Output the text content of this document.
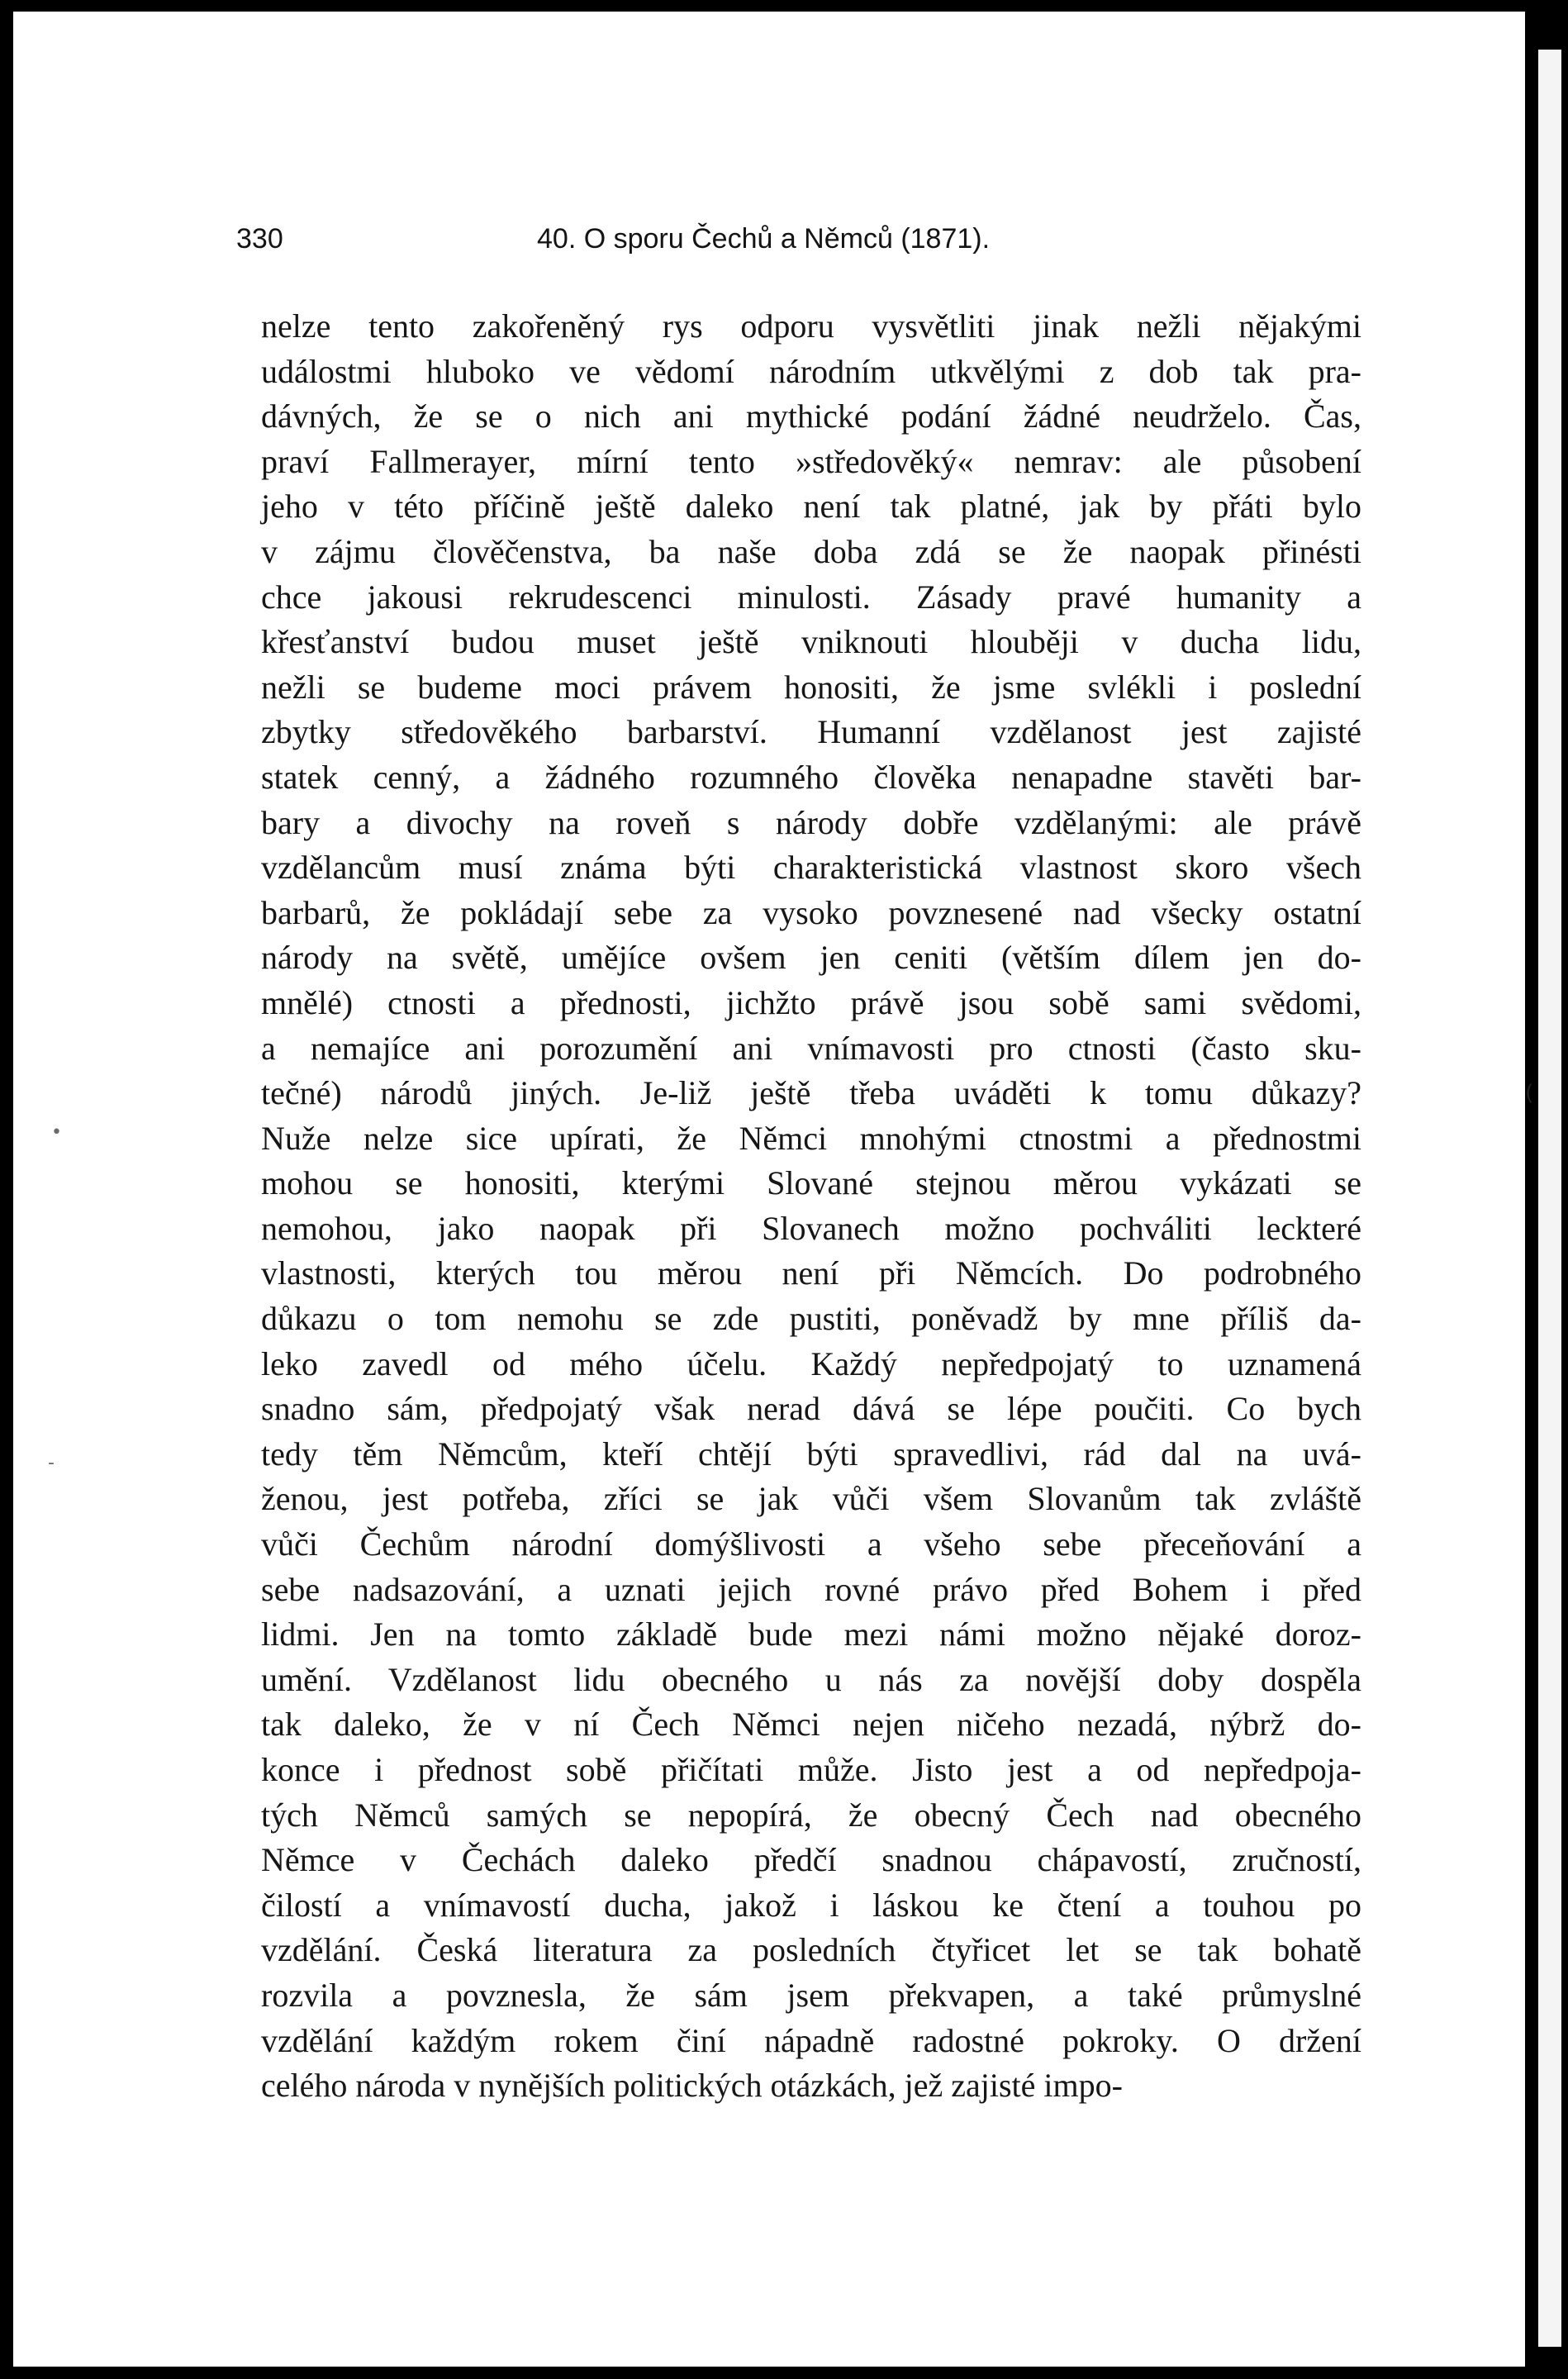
330	40. O sporu Čechů a Němců (1871).
nelze tento zakořeněný rys odporu vysvětliti jinak nežli nějakými
událostmi hluboko ve vědomí národním utkvělými z dob tak pra-
dávných, že se o nich ani mythické podání žádné neudrželo. Čas,
praví Fallmerayer, mírní tento »středověký« nemrav: ale působení
jeho v této příčině ještě daleko není tak platné, jak by přáti bylo
v zájmu člověčenstva, ba naše doba zdá se že naopak přinésti
chce jakousi rekrudescenci minulosti. Zásady pravé humanity a
křesťanství budou muset ještě vniknouti hlouběji v ducha lidu,
nežli se budeme moci právem honositi, že jsme svlékli i poslední
zbytky středověkého barbarství. Humanní vzdělanost jest zajisté
statek cenný, a žádného rozumného člověka nenapadne stavěti bar-
bary a divochy na roveň s národy dobře vzdělanými: ale právě
vzdělancům musí známa býti charakteristická vlastnost skoro všech
barbarů, že pokládají sebe za vysoko povznesené nad všecky ostatní
národy na světě, umějíce ovšem jen ceniti (větším dílem jen do-
mnělé) ctnosti a přednosti, jichžto právě jsou sobě sami svědomi,
a nemajíce ani porozumění ani vnímavosti pro ctnosti (často sku-
tečné) národů jiných. Je-liž ještě třeba uváděti k tomu důkazy?
Nuže nelze sice upírati, že Němci mnohými ctnostmi a přednostmi
mohou se honositi, kterými Slované stejnou měrou vykázati se
nemohou, jako naopak při Slovanech možno pochváliti leckteré
vlastnosti, kterých tou měrou není při Němcích. Do podrobného
důkazu o tom nemohu se zde pustiti, poněvadž by mne příliš da-
leko zavedl od mého účelu. Každý nepředpojatý to uznamená
snadno sám, předpojatý však nerad dává se lépe poučiti. Co bych
tedy těm Němcům, kteří chtějí býti spravedlivi, rád dal na uvá-
ženou, jest potřeba, zříci se jak vůči všem Slovanům tak zvláště
vůči Čechům národní domýšlivosti a všeho sebe přeceňování a
sebe nadsazování, a uznati jejich rovné právo před Bohem i před
lidmi. Jen na tomto základě bude mezi námi možno nějaké doroz-
umění. Vzdělanost lidu obecného u nás za novější doby dospěla
tak daleko, že v ní Čech Němci nejen ničeho nezadá, nýbrž do-
konce i přednost sobě přičítati může. Jisto jest a od nepředpoja-
tých Němců samých se nepopírá, že obecný Čech nad obecného
Němce v Čechách daleko předčí snadnou chápavostí, zručností,
čilostí a vnímavostí ducha, jakož i láskou ke čtení a touhou po
vzdělání. Česká literatura za posledních čtyřicet let se tak bohatě
rozvila a povznesla, že sám jsem překvapen, a také průmyslné
vzdělání každým rokem činí nápadně radostné pokroky. O držení
celého národa v nynějších politických otázkách, jež zajisté impo-
•
-
(
